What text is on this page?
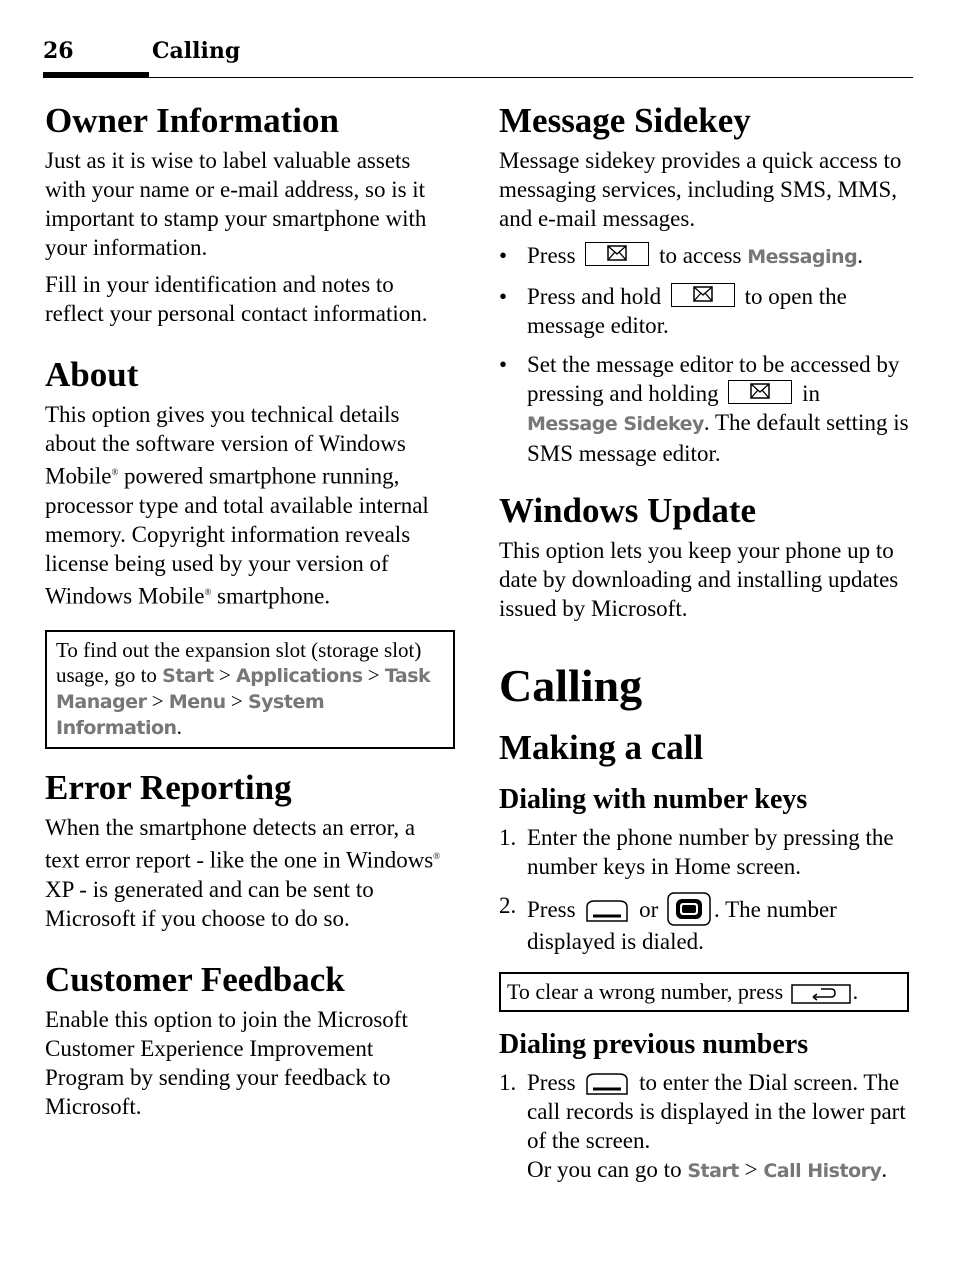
26	Calling
Owner Information

Just as it is wise to label valuable assets with your name or e-mail address, so is it important to stamp your smartphone with your information.

Fill in your identification and notes to reflect your personal contact information.

About

This option gives you technical details about the software version of Windows Mobile® powered smartphone running, processor type and total available internal memory. Copyright information reveals license being used by your version of Windows Mobile® smartphone.

To find out the expansion slot (storage slot) usage, go to Start > Applications > Task Manager > Menu > System Information.
Error Reporting

When the smartphone detects an error, a text error report - like the one in Windows® XP - is generated and can be sent to Microsoft if you choose to do so.

Customer Feedback

Enable this option to join the Microsoft Customer Experience Improvement Program by sending your feedback to Microsoft.

Message Sidekey

Message sidekey provides a quick access to messaging services, including SMS, MMS, and e-mail messages.

• Press	to access Messaging.
• Press and hold	to open the message editor.
• Set the message editor to be accessed by pressing and holding	in Message Sidekey. The default setting is SMS message editor.
Windows Update

This option lets you keep your phone up to date by downloading and installing updates issued by Microsoft.

Calling
Making a call
Dialing with number keys
1. Enter the phone number by pressing the number keys in Home screen.
2. Press  or . The number displayed is dialed.
To clear a wrong number, press	.
Dialing previous numbers
1. Press  to enter the Dial screen. The call records is displayed in the lower part of the screen.
Or you can go to Start > Call History.
